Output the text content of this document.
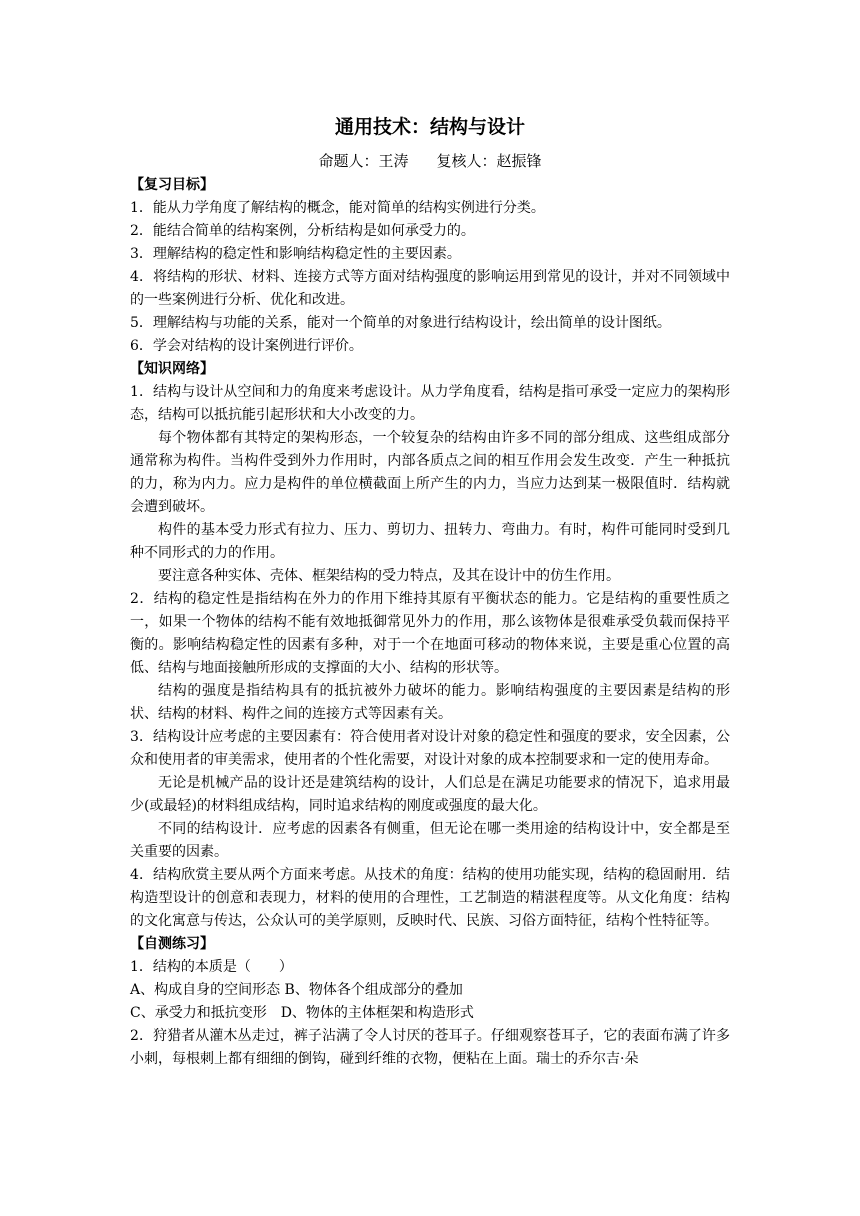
通用技术：结构与设计
命题人：王涛 复核人：赵振锋
【复习目标】

1．能从力学角度了解结构的概念，能对简单的结构实例进行分类。

2．能结合简单的结构案例，分析结构是如何承受力的。

3．理解结构的稳定性和影响结构稳定性的主要因素。

4．将结构的形状、材料、连接方式等方面对结构强度的影响运用到常见的设计，并对不同领域中的一些案例进行分析、优化和改进。

5．理解结构与功能的关系，能对一个简单的对象进行结构设计，绘出简单的设计图纸。

6．学会对结构的设计案例进行评价。

【知识网络】

1．结构与设计从空间和力的角度来考虑设计。从力学角度看，结构是指可承受一定应力的架构形态，结构可以抵抗能引起形状和大小改变的力。

每个物体都有其特定的架构形态，一个较复杂的结构由许多不同的部分组成、这些组成部分通常称为构件。当构件受到外力作用时，内部各质点之间的相互作用会发生改变．产生一种抵抗的力，称为内力。应力是构件的单位横截面上所产生的内力，当应力达到某一极限值时．结构就会遭到破坏。

构件的基本受力形式有拉力、压力、剪切力、扭转力、弯曲力。有时，构件可能同时受到几种不同形式的力的作用。

要注意各种实体、壳体、框架结构的受力特点，及其在设计中的仿生作用。

2．结构的稳定性是指结构在外力的作用下维持其原有平衡状态的能力。它是结构的重要性质之一，如果一个物体的结构不能有效地抵御常见外力的作用，那么该物体是很难承受负载而保持平衡的。影响结构稳定性的因素有多种，对于一个在地面可移动的物体来说，主要是重心位置的高低、结构与地面接触所形成的支撑面的大小、结构的形状等。

结构的强度是指结构具有的抵抗被外力破坏的能力。影响结构强度的主要因素是结构的形状、结构的材料、构件之间的连接方式等因素有关。

3．结构设计应考虑的主要因素有：符合使用者对设计对象的稳定性和强度的要求，安全因素，公众和使用者的审美需求，使用者的个性化需要，对设计对象的成本控制要求和一定的使用寿命。

无论是机械产品的设计还是建筑结构的设计，人们总是在满足功能要求的情况下，追求用最少(或最轻)的材料组成结构，同时追求结构的刚度或强度的最大化。

不同的结构设计．应考虑的因素各有侧重，但无论在哪一类用途的结构设计中，安全都是至关重要的因素。

4．结构欣赏主要从两个方面来考虑。从技术的角度：结构的使用功能实现，结构的稳固耐用．结构造型设计的创意和表现力，材料的使用的合理性，工艺制造的精湛程度等。从文化角度：结构的文化寓意与传达，公众认可的美学原则，反映时代、民族、习俗方面特征，结构个性特征等。

【自测练习】

1．结构的本质是（　　）

A、构成自身的空间形态 B、物体各个组成部分的叠加
C、承受力和抵抗变形　D、物体的主体框架和构造形式

2．狩猎者从灌木丛走过，裤子沾满了令人讨厌的苍耳子。仔细观察苍耳子，它的表面布满了许多小刺，每根刺上都有细细的倒钩，碰到纤维的衣物，便粘在上面。瑞士的乔尔吉·朵
